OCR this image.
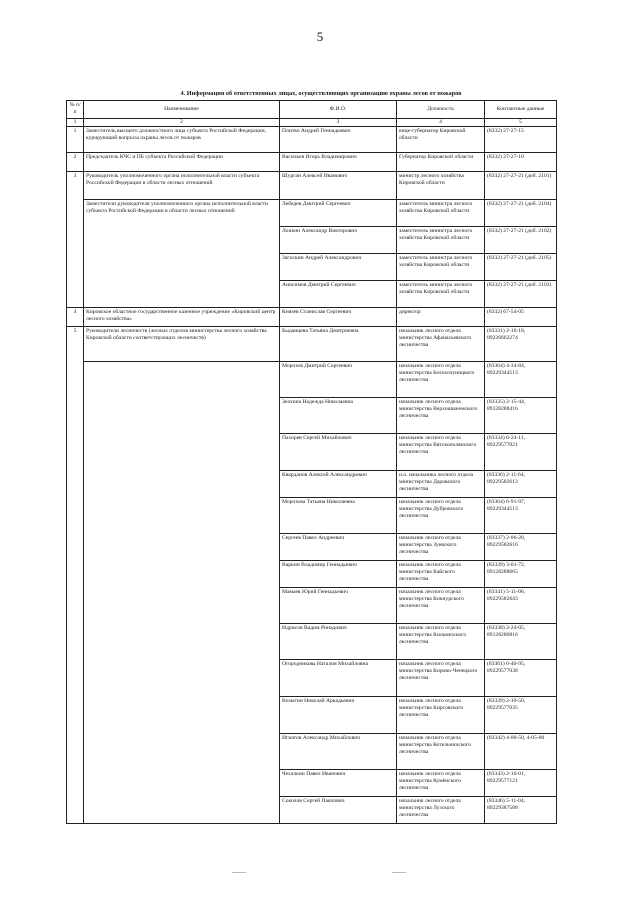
5
4. Информация об ответственных лицах, осуществляющих организацию охраны лесов от пожаров
№ п/п	Наименование	Ф.И.О.	Должность	Контактные данные
1	2	3	4	5
1	Заместитель высшего должностного лица субъекта Российской Федерации, курирующий вопросы охраны лесов от пожаров	Плитко Андрей Геннадьевич	вице-губернатор Кировской области	(8332) 27-27-15
2	Председатель КЧС и ПБ субъекта Российской Федерации	Васильев Игорь Владимирович	Губернатор Кировской области	(8332) 27-27-10
3	Руководитель уполномоченного органа исполнительной власти субъекта Российской Федерации в области лесных отношений	Шурган Алексей Иванович	министр лесного хозяйства Кировской области	(8332) 27-27-21 (доб. 2101)
	Заместители руководителя уполномоченного органа исполнительной власти субъекта Российской Федерации в области лесных отношений	Лебедев Дмитрий Сергеевич	заместитель министра лесного хозяйства Кировской области	(8332) 27-27-21 (доб. 2104)
		Лоикин Александр Викторович	заместитель министра лесного хозяйства Кировской области	(8332) 27-27-21 (доб. 2102)
		Загоскин Андрей Александрович	заместитель министра лесного хозяйства Кировской области	(8332) 27-27-21 (доб. 2105)
		Анисимов Дмитрий Сергеевич	заместитель министра лесного хозяйства Кировской области	(8332) 27-27-21 (доб. 2103)
4	Кировское областное государственное казенное учреждение «Кировский центр лесного хозяйства»	Князев Станислав Сергеевич	директор	(8332) 67-54-05
5	Руководители лесничеств (лесных отделов министерства лесного хозяйства Кировской области соответствующих лесничеств)	Быданцева Татьяна Дмитриевна	начальник лесного отдела министерства Афанасьевского лесничества	(83331) 2-16-18, 89226662274
		Морозов Дмитрий Сергеевич	начальник лесного отдела министерства Белохолуницкого лесничества	(83364) 4-34-84, 89229344513
		Зеахина Надежда Николаевна	начальник лесного отдела министерства Верхошижемского лесничества	(83335) 2-15-44, 89128288416
		Пахорев Сергей Михайлович	начальник лесного отдела министерства Вятскополянского лесничества	(83334) 6-24-11, 89229577021
		Кварданов Алексей Александрович	и.о. начальника лесного отдела министерства Даровского лесничества	(83336) 2-11-64, 89229582613
		Морозова Татьяна Николаевна	начальник лесного отдела министерства Дубровского лесничества	(83364) 6-91-97, 89229344513
		Сергеев Павел Андреевич	начальник лесного отдела министерства Зуевского лесничества	(83337) 2-06-28, 89229582616
		Варкин Владимир Геннадьевич	начальник лесного отдела министерства Кайского лесничества	(83339) 3-01-72, 89128288665
		Мамаев Юрий Геннадьевич	начальник лесного отдела министерства Кикнурского лесничества	(83341) 5-11-06, 89229582643
		Идрисов Вадим Ринадович	начальник лесного отдела министерства Кильмезского лесничества	(83338) 2-24-05, 89128286816
		Огородникова Наталия Михайловна	начальник лесного отдела министерства Кирово-Чепецкого лесничества	(83361) 6-40-95, 89229577038
		Возыгин Николай Аркадьевич	начальник лесного отдела министерства Кирсовского лесничества	(83339) 2-10-50, 89229577035
		Игнатов Александр Михайлович	начальник лесного отдела министерства Котельничского лесничества	(83342) 4-00-50, 4-05-80
		Чехалкин Павел Иванович	начальник лесного отдела министерства Кумёнского лесничества	(83343) 2-16-01, 89229577121
		Соколов Сергей Павлович	начальник лесного отдела министерства Лузского лесничества	(83346) 5-11-04, 89229387588
